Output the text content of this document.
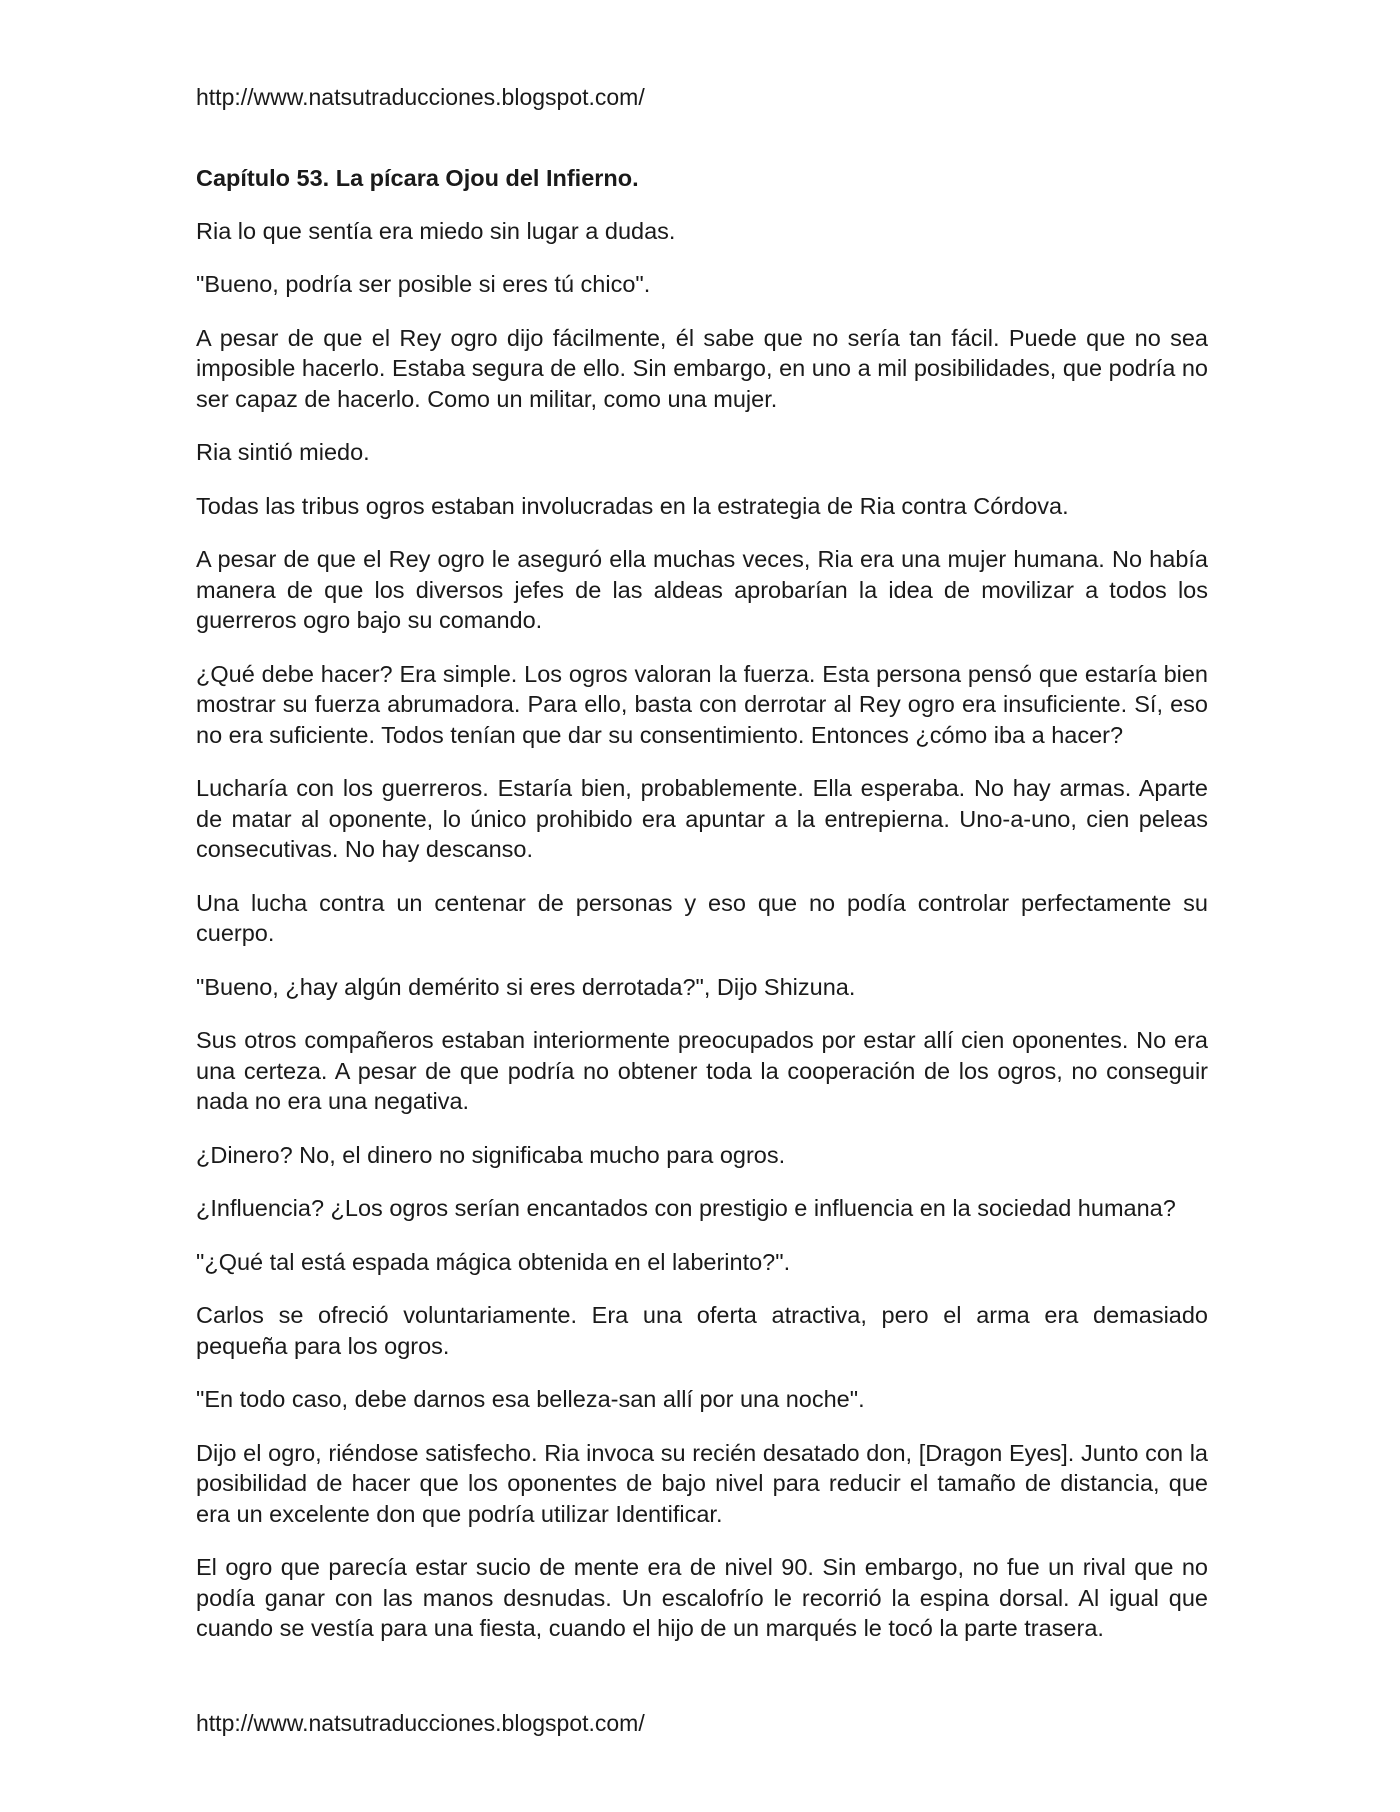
http://www.natsutraducciones.blogspot.com/

Capítulo 53. La pícara Ojou del Infierno.

Ria lo que sentía era miedo sin lugar a dudas.

"Bueno, podría ser posible si eres tú chico".

A pesar de que el Rey ogro dijo fácilmente, él sabe que no sería tan fácil. Puede que no sea imposible hacerlo. Estaba segura de ello. Sin embargo, en uno a mil posibilidades, que podría no ser capaz de hacerlo. Como un militar, como una mujer.

Ria sintió miedo.

Todas las tribus ogros estaban involucradas en la estrategia de Ria contra Córdova.

A pesar de que el Rey ogro le aseguró ella muchas veces, Ria era una mujer humana. No había manera de que los diversos jefes de las aldeas aprobarían la idea de movilizar a todos los guerreros ogro bajo su comando.

¿Qué debe hacer? Era simple. Los ogros valoran la fuerza. Esta persona pensó que estaría bien mostrar su fuerza abrumadora. Para ello, basta con derrotar al Rey ogro era insuficiente. Sí, eso no era suficiente. Todos tenían que dar su consentimiento. Entonces ¿cómo iba a hacer?

Lucharía con los guerreros. Estaría bien, probablemente. Ella esperaba. No hay armas. Aparte de matar al oponente, lo único prohibido era apuntar a la entrepierna. Uno-a-uno, cien peleas consecutivas. No hay descanso.

Una lucha contra un centenar de personas y eso que no podía controlar perfectamente su cuerpo.

"Bueno, ¿hay algún demérito si eres derrotada?", Dijo Shizuna.

Sus otros compañeros estaban interiormente preocupados por estar allí cien oponentes. No era una certeza. A pesar de que podría no obtener toda la cooperación de los ogros, no conseguir nada no era una negativa.

¿Dinero? No, el dinero no significaba mucho para ogros.

¿Influencia? ¿Los ogros serían encantados con prestigio e influencia en la sociedad humana?

"¿Qué tal está espada mágica obtenida en el laberinto?".

Carlos se ofreció voluntariamente. Era una oferta atractiva, pero el arma era demasiado pequeña para los ogros.

"En todo caso, debe darnos esa belleza-san allí por una noche".

Dijo el ogro, riéndose satisfecho. Ria invoca su recién desatado don, [Dragon Eyes]. Junto con la posibilidad de hacer que los oponentes de bajo nivel para reducir el tamaño de distancia, que era un excelente don que podría utilizar Identificar.

El ogro que parecía estar sucio de mente era de nivel 90. Sin embargo, no fue un rival que no podía ganar con las manos desnudas. Un escalofrío le recorrió la espina dorsal. Al igual que cuando se vestía para una fiesta, cuando el hijo de un marqués le tocó la parte trasera.

http://www.natsutraducciones.blogspot.com/
